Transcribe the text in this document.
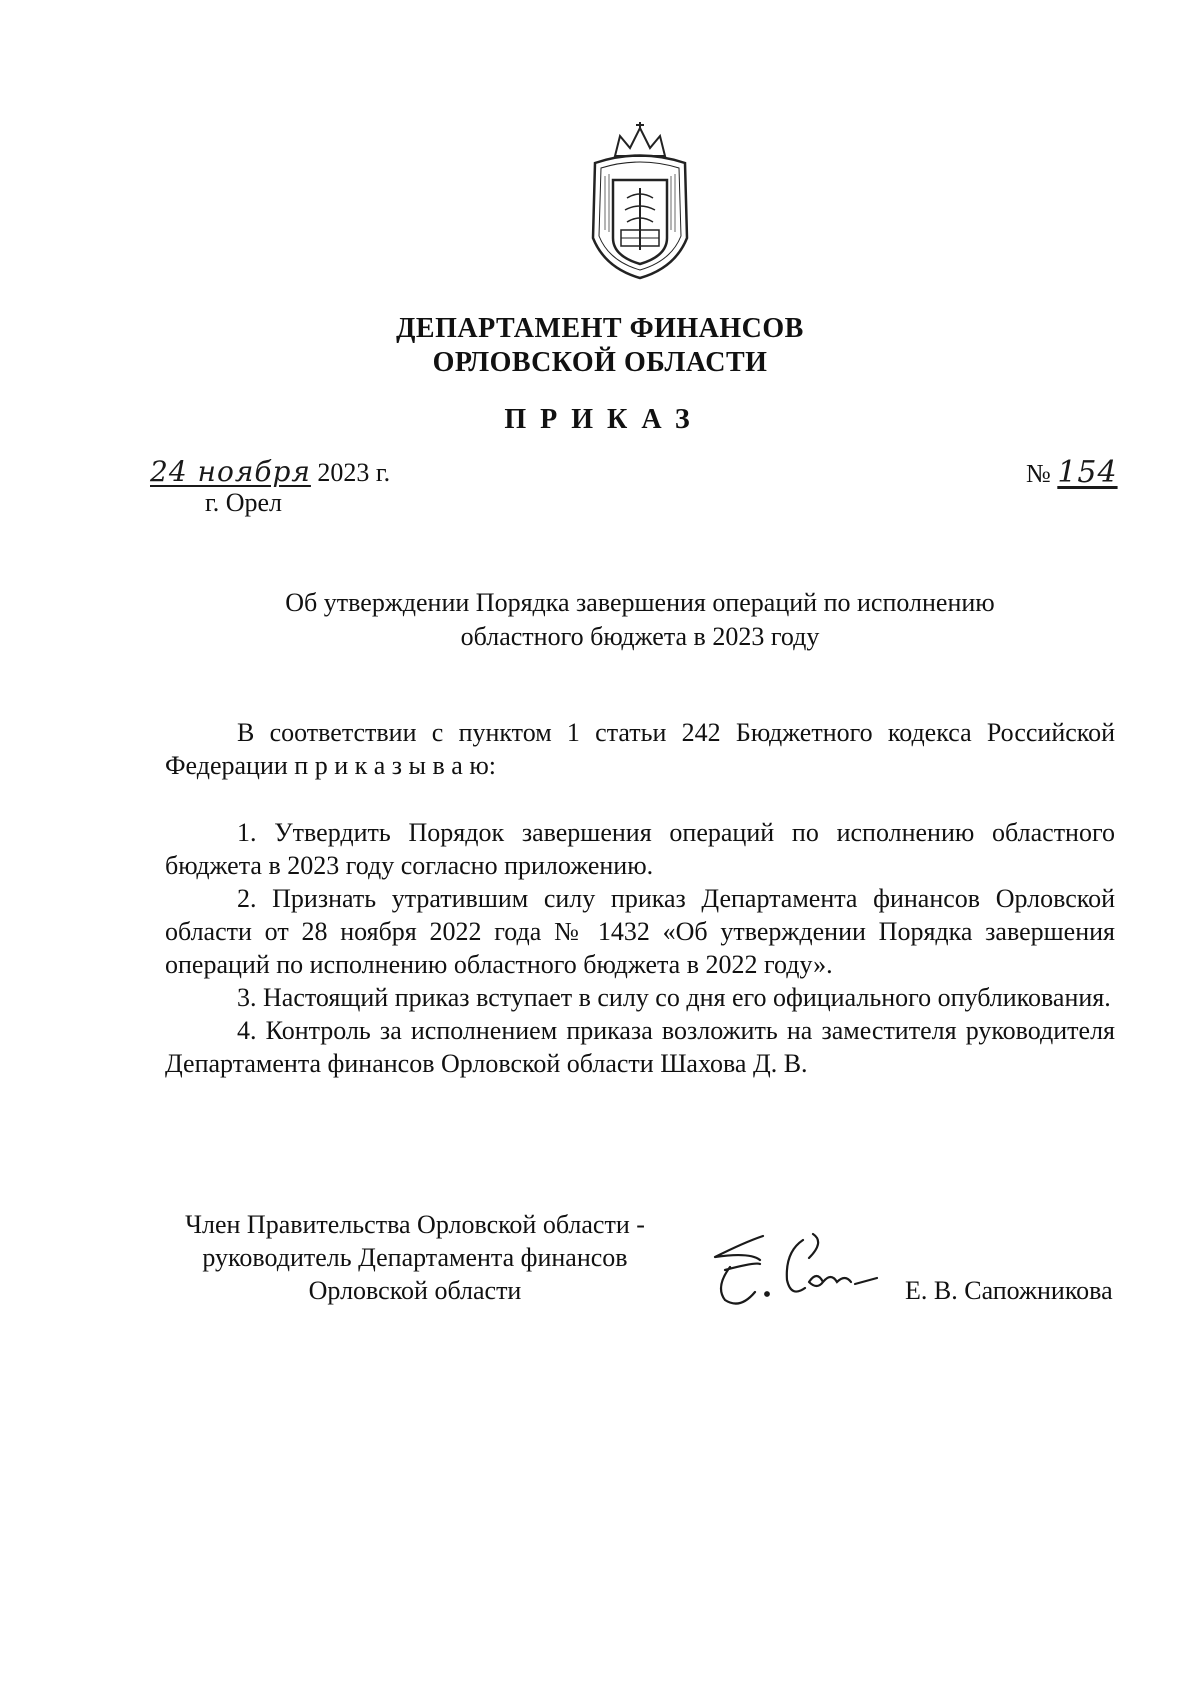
ДЕПАРТАМЕНТ ФИНАНСОВ
ОРЛОВСКОЙ ОБЛАСТИ
ПРИКАЗ
24 ноября 2023 г.
г. Орел
№ 154
Об утверждении Порядка завершения операций по исполнению
областного бюджета в 2023 году

В соответствии с пунктом 1 статьи 242 Бюджетного кодекса Российской Федерации п р и к а з ы в а ю:

1. Утвердить Порядок завершения операций по исполнению областного бюджета в 2023 году согласно приложению.

2. Признать утратившим силу приказ Департамента финансов Орловской области от 28 ноября 2022 года № 1432 «Об утверждении Порядка завершения операций по исполнению областного бюджета в 2022 году».

3. Настоящий приказ вступает в силу со дня его официального опубликования.

4. Контроль за исполнением приказа возложить на заместителя руководителя Департамента финансов Орловской области Шахова Д. В.

Член Правительства Орловской области -
руководитель Департамента финансов
Орловской области	Е. В. Сапожникова
